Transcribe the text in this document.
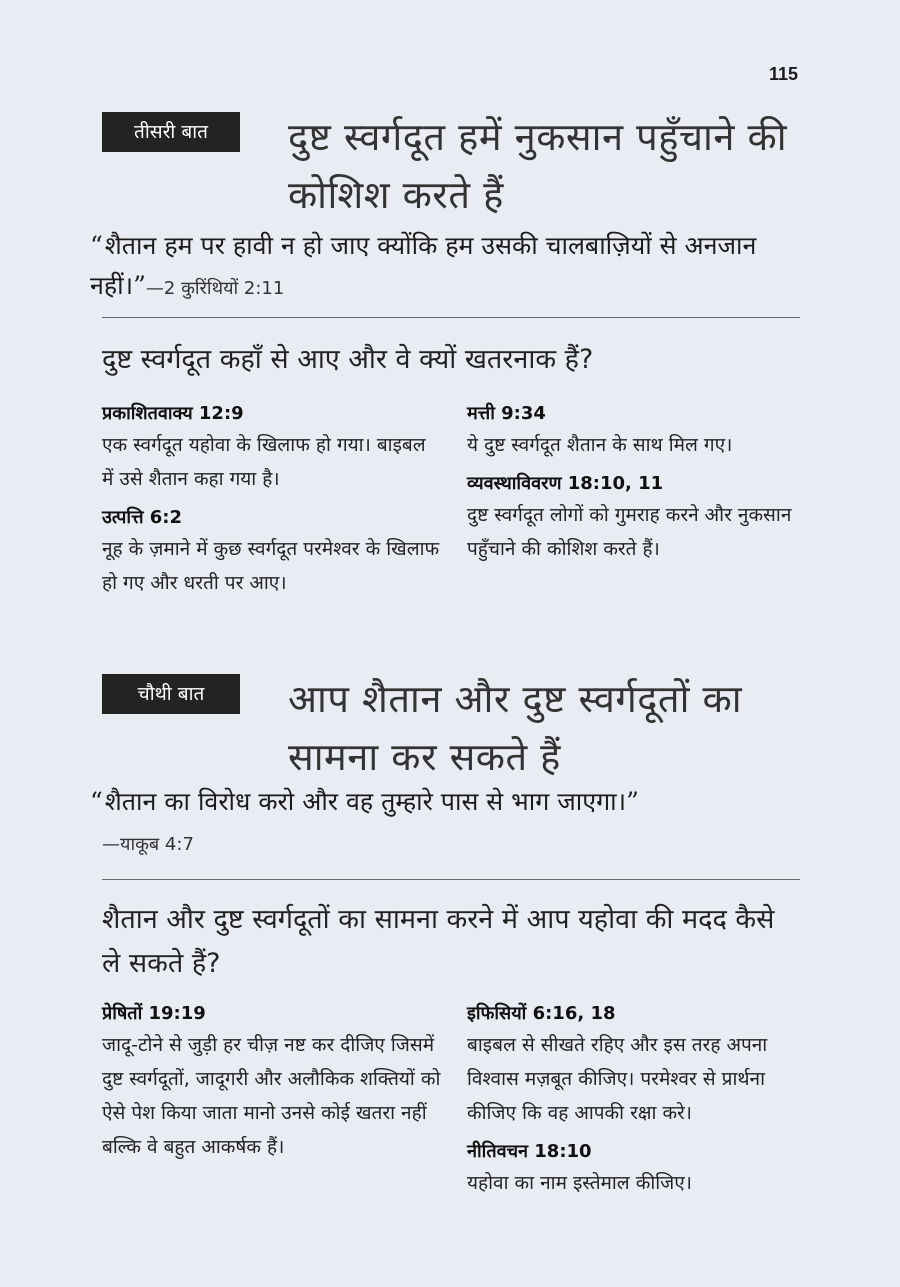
115
तीसरी बात	दुष्ट स्वर्गदूत हमें नुकसान पहुँचाने की कोशिश करते हैं
“शैतान हम पर हावी न हो जाए क्योंकि हम उसकी चालबाज़ियों से अनजान नहीं।”—2 कुरिंथियों 2:11
दुष्ट स्वर्गदूत कहाँ से आए और वे क्यों खतरनाक हैं?
प्रकाशितवाक्य 12:9
एक स्वर्गदूत यहोवा के खिलाफ हो गया। बाइबल में उसे शैतान कहा गया है।
उत्पत्ति 6:2
नूह के ज़माने में कुछ स्वर्गदूत परमेश्वर के खिलाफ हो गए और धरती पर आए।
मत्ती 9:34
ये दुष्ट स्वर्गदूत शैतान के साथ मिल गए।
व्यवस्थाविवरण 18:10, 11
दुष्ट स्वर्गदूत लोगों को गुमराह करने और नुकसान पहुँचाने की कोशिश करते हैं।
चौथी बात	आप शैतान और दुष्ट स्वर्गदूतों का सामना कर सकते हैं
“शैतान का विरोध करो और वह तुम्हारे पास से भाग जाएगा।”
—याकूब 4:7
शैतान और दुष्ट स्वर्गदूतों का सामना करने में आप यहोवा की मदद कैसे ले सकते हैं?
प्रेषितों 19:19
जादू-टोने से जुड़ी हर चीज़ नष्ट कर दीजिए जिसमें दुष्ट स्वर्गदूतों, जादूगरी और अलौकिक शक्तियों को ऐसे पेश किया जाता मानो उनसे कोई खतरा नहीं बल्कि वे बहुत आकर्षक हैं।
इफिसियों 6:16, 18
बाइबल से सीखते रहिए और इस तरह अपना विश्वास मज़बूत कीजिए। परमेश्वर से प्रार्थना कीजिए कि वह आपकी रक्षा करे।
नीतिवचन 18:10
यहोवा का नाम इस्तेमाल कीजिए।
